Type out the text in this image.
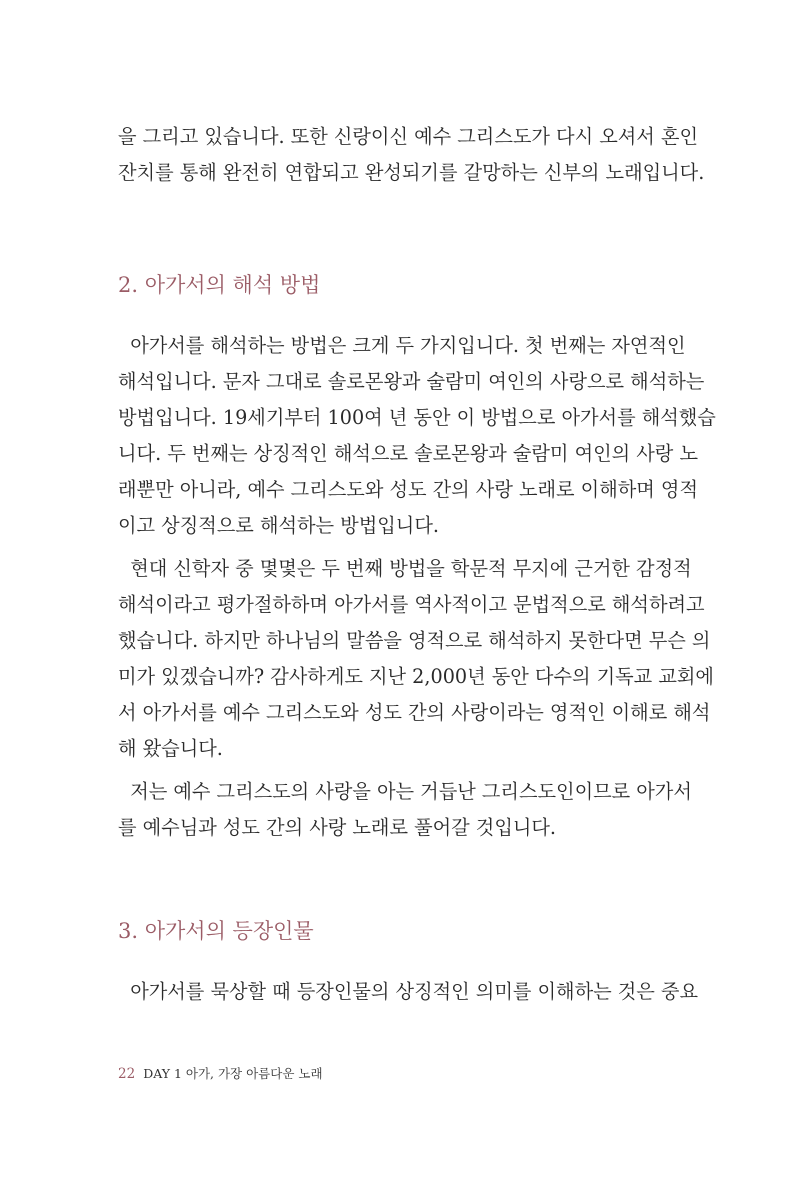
을 그리고 있습니다. 또한 신랑이신 예수 그리스도가 다시 오셔서 혼인
잔치를 통해 완전히 연합되고 완성되기를 갈망하는 신부의 노래입니다.
2. 아가서의 해석 방법
아가서를 해석하는 방법은 크게 두 가지입니다. 첫 번째는 자연적인
해석입니다. 문자 그대로 솔로몬왕과 술람미 여인의 사랑으로 해석하는
방법입니다. 19세기부터 100여 년 동안 이 방법으로 아가서를 해석했습
니다. 두 번째는 상징적인 해석으로 솔로몬왕과 술람미 여인의 사랑 노
래뿐만 아니라, 예수 그리스도와 성도 간의 사랑 노래로 이해하며 영적
이고 상징적으로 해석하는 방법입니다.
현대 신학자 중 몇몇은 두 번째 방법을 학문적 무지에 근거한 감정적
해석이라고 평가절하하며 아가서를 역사적이고 문법적으로 해석하려고
했습니다. 하지만 하나님의 말씀을 영적으로 해석하지 못한다면 무슨 의
미가 있겠습니까? 감사하게도 지난 2,000년 동안 다수의 기독교 교회에
서 아가서를 예수 그리스도와 성도 간의 사랑이라는 영적인 이해로 해석
해 왔습니다.
저는 예수 그리스도의 사랑을 아는 거듭난 그리스도인이므로 아가서
를 예수님과 성도 간의 사랑 노래로 풀어갈 것입니다.
3. 아가서의 등장인물
아가서를 묵상할 때 등장인물의 상징적인 의미를 이해하는 것은 중요
22 DAY 1 아가, 가장 아름다운 노래
